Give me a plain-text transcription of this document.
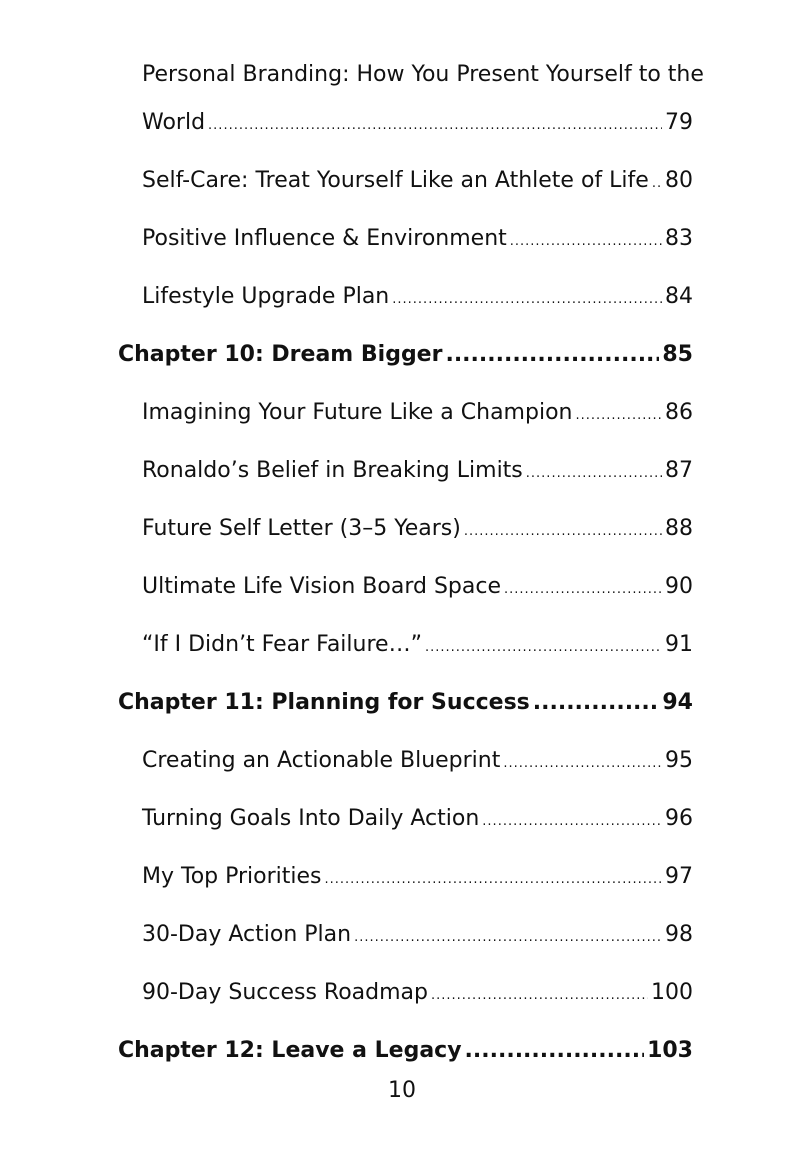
Personal Branding: How You Present Yourself to the
World .....	79
Self-Care: Treat Yourself Like an Athlete of Life ..... 80
Positive Influence & Environment .....	83
Lifestyle Upgrade Plan .....	84
Chapter 10: Dream Bigger .....	85
Imagining Your Future Like a Champion .....	86
Ronaldo’s Belief in Breaking Limits .....	87
Future Self Letter (3–5 Years) .....	88
Ultimate Life Vision Board Space .....	90
“If I Didn’t Fear Failure…” .....	91
Chapter 11: Planning for Success .....	94
Creating an Actionable Blueprint .....	95
Turning Goals Into Daily Action .....	96
My Top Priorities .....	97
30-Day Action Plan .....	98
90-Day Success Roadmap .....	100
Chapter 12: Leave a Legacy .....	103
10
